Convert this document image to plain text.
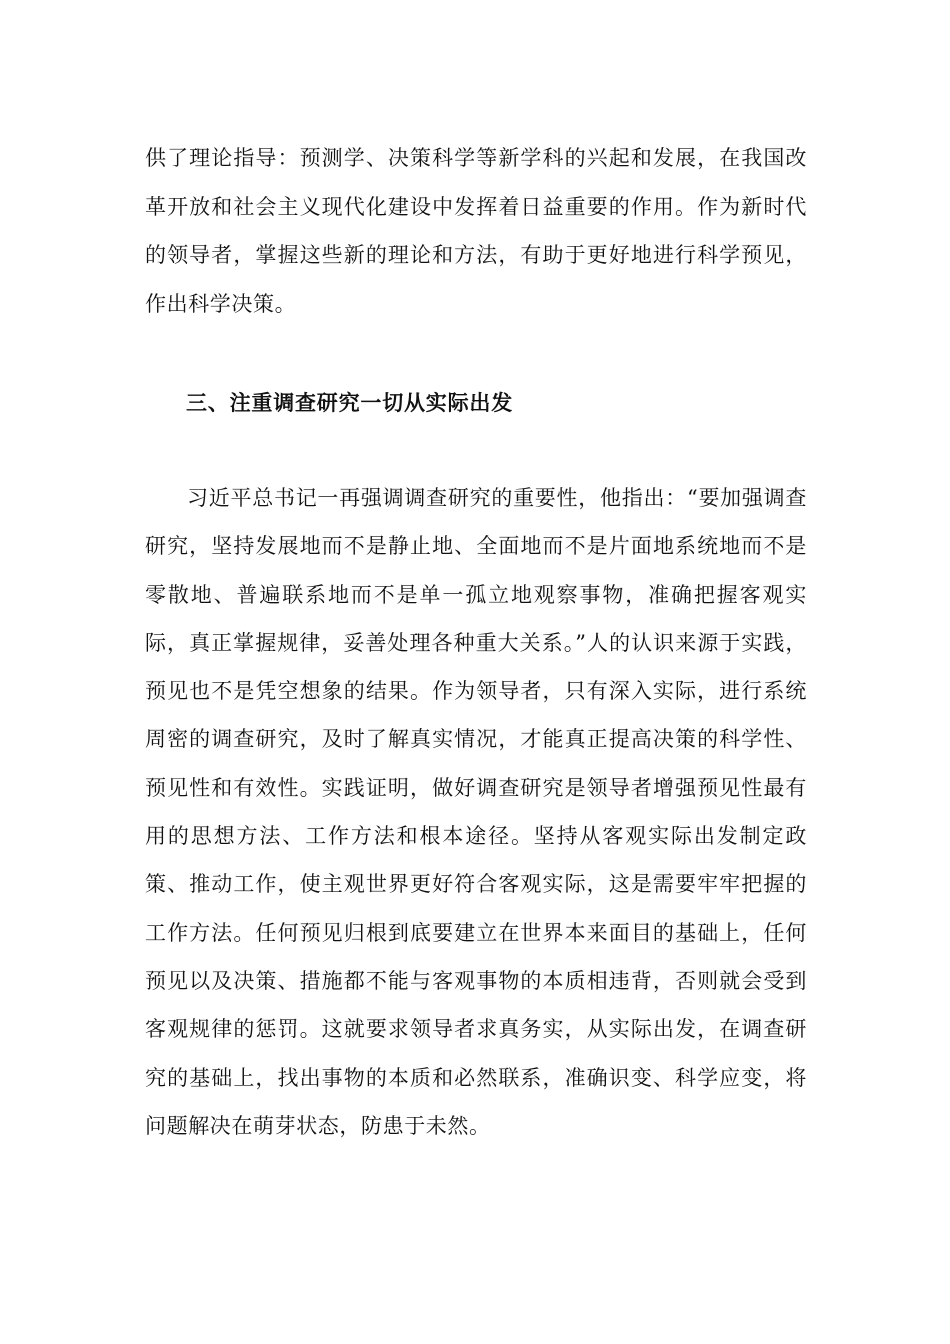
供了理论指导：预测学、决策科学等新学科的兴起和发展，在我国改革开放和社会主义现代化建设中发挥着日益重要的作用。作为新时代的领导者，掌握这些新的理论和方法，有助于更好地进行科学预见，作出科学决策。

三、注重调查研究一切从实际出发

习近平总书记一再强调调查研究的重要性，他指出：“要加强调查研究，坚持发展地而不是静止地、全面地而不是片面地系统地而不是零散地、普遍联系地而不是单一孤立地观察事物，准确把握客观实际，真正掌握规律，妥善处理各种重大关系。”人的认识来源于实践，预见也不是凭空想象的结果。作为领导者，只有深入实际，进行系统周密的调查研究，及时了解真实情况，才能真正提高决策的科学性、预见性和有效性。实践证明，做好调查研究是领导者增强预见性最有用的思想方法、工作方法和根本途径。坚持从客观实际出发制定政策、推动工作，使主观世界更好符合客观实际，这是需要牢牢把握的工作方法。任何预见归根到底要建立在世界本来面目的基础上，任何预见以及决策、措施都不能与客观事物的本质相违背，否则就会受到客观规律的惩罚。这就要求领导者求真务实，从实际出发，在调查研究的基础上，找出事物的本质和必然联系，准确识变、科学应变，将问题解决在萌芽状态，防患于未然。
